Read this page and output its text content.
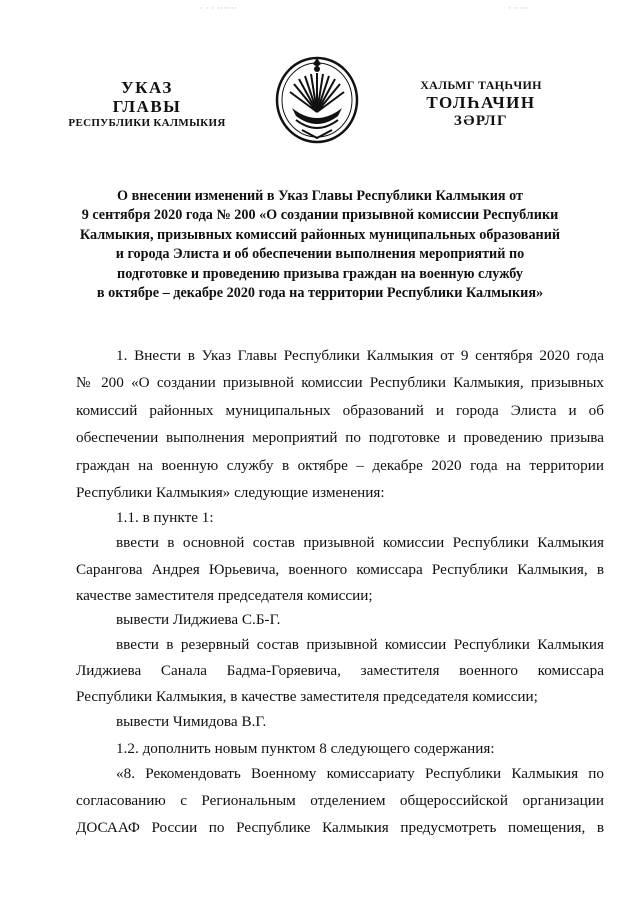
· · · ·······	· ·····
УКАЗ
ГЛАВЫ
РЕСПУБЛИКИ КАЛМЫКИЯ
ХАЛЬМГ ТАҢҺЧИН
ТОЛҺАЧИН
ЗӘРЛГ
О внесении изменений в Указ Главы Республики Калмыкия от
9 сентября 2020 года № 200 «О создании призывной комиссии Республики
Калмыкия, призывных комиссий районных муниципальных образований
и города Элиста и об обеспечении выполнения мероприятий по
подготовке и проведению призыва граждан на военную службу
в октябре – декабре 2020 года на территории Республики Калмыкия»
1. Внести в Указ Главы Республики Калмыкия от 9 сентября 2020 года
№ 200 «О создании призывной комиссии Республики Калмыкия, призывных
комиссий районных муниципальных образований и города Элиста и об
обеспечении выполнения мероприятий по подготовке и проведению призыва
граждан на военную службу в октябре – декабре 2020 года на территории
Республики Калмыкия» следующие изменения:
1.1. в пункте 1:
ввести в основной состав призывной комиссии Республики Калмыкия
Сарангова Андрея Юрьевича, военного комиссара Республики Калмыкия, в
качестве заместителя председателя комиссии;
вывести Лиджиева С.Б-Г.
ввести в резервный состав призывной комиссии Республики Калмыкия
Лиджиева Санала Бадма-Горяевича, заместителя военного комиссара
Республики Калмыкия, в качестве заместителя председателя комиссии;
вывести Чимидова В.Г.
1.2. дополнить новым пунктом 8 следующего содержания:
«8. Рекомендовать Военному комиссариату Республики Калмыкия по
согласованию с Региональным отделением общероссийской организации
ДОСААФ России по Республике Калмыкия предусмотреть помещения, в
